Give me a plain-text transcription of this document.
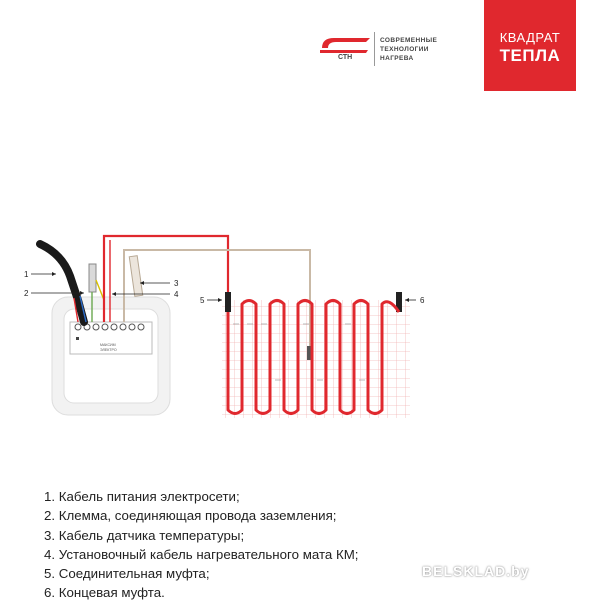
СТН
СОВРЕМЕННЫЕ
ТЕХНОЛОГИИ
НАГРЕВА
КВАДРАТ
ТЕПЛА
МАКСИМ
ЭЛЕКТРО
1
2
3
4
5	6
1. Кабель питания электросети;
2. Клемма, соединяющая провода заземления;
3. Кабель датчика температуры;
4. Установочный кабель нагревательного мата КМ;
5. Соединительная муфта;
6. Концевая муфта.
BELSKLAD.by
